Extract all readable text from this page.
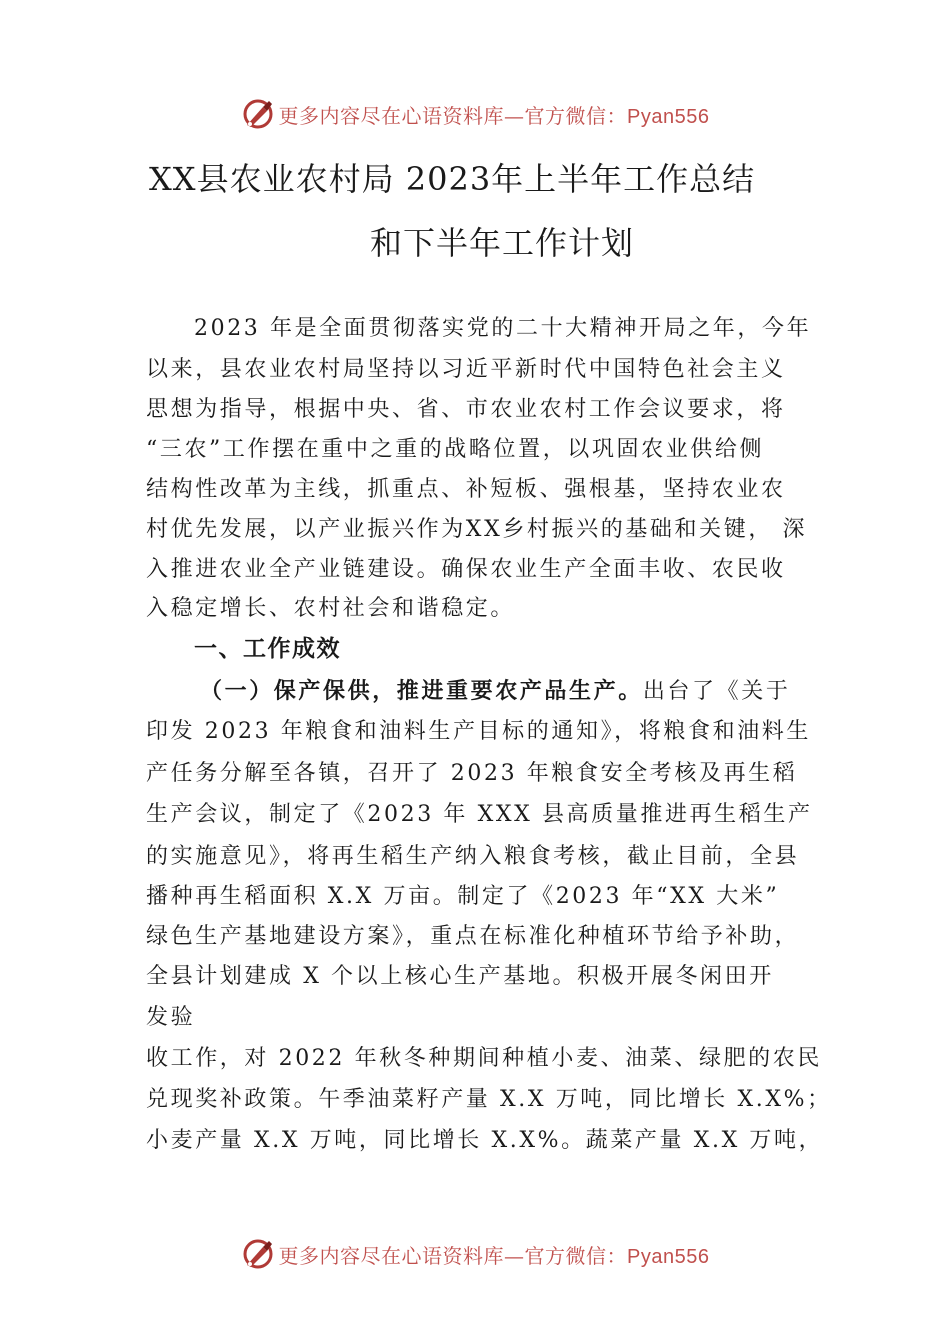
更多内容尽在心语资料库—官方微信：Pyan556
XX县农业农村局 2023年上半年工作总结
和下半年工作计划
2023 年是全面贯彻落实党的二十大精神开局之年，今年
以来，县农业农村局坚持以习近平新时代中国特色社会主义
思想为指导，根据中央、省、市农业农村工作会议要求，将
“三农”工作摆在重中之重的战略位置，以巩固农业供给侧
结构性改革为主线，抓重点、补短板、强根基，坚持农业农
村优先发展，以产业振兴作为XX乡村振兴的基础和关键， 深
入推进农业全产业链建设。确保农业生产全面丰收、农民收
入稳定增长、农村社会和谐稳定。
一、工作成效
（一）保产保供，推进重要农产品生产。出台了《关于
印发 2023 年粮食和油料生产目标的通知》，将粮食和油料生
产任务分解至各镇，召开了 2023 年粮食安全考核及再生稻
生产会议，制定了《2023 年 XXX 县高质量推进再生稻生产
的实施意见》，将再生稻生产纳入粮食考核，截止目前，全县
播种再生稻面积 X.X 万亩。制定了《2023 年“XX 大米”
绿色生产基地建设方案》，重点在标准化种植环节给予补助，
全县计划建成 X 个以上核心生产基地。积极开展冬闲田开
发验
收工作，对 2022 年秋冬种期间种植小麦、油菜、绿肥的农民
兑现奖补政策。午季油菜籽产量 X.X 万吨，同比增长 X.X%；
小麦产量 X.X 万吨，同比增长 X.X%。蔬菜产量 X.X 万吨，
更多内容尽在心语资料库—官方微信：Pyan556
